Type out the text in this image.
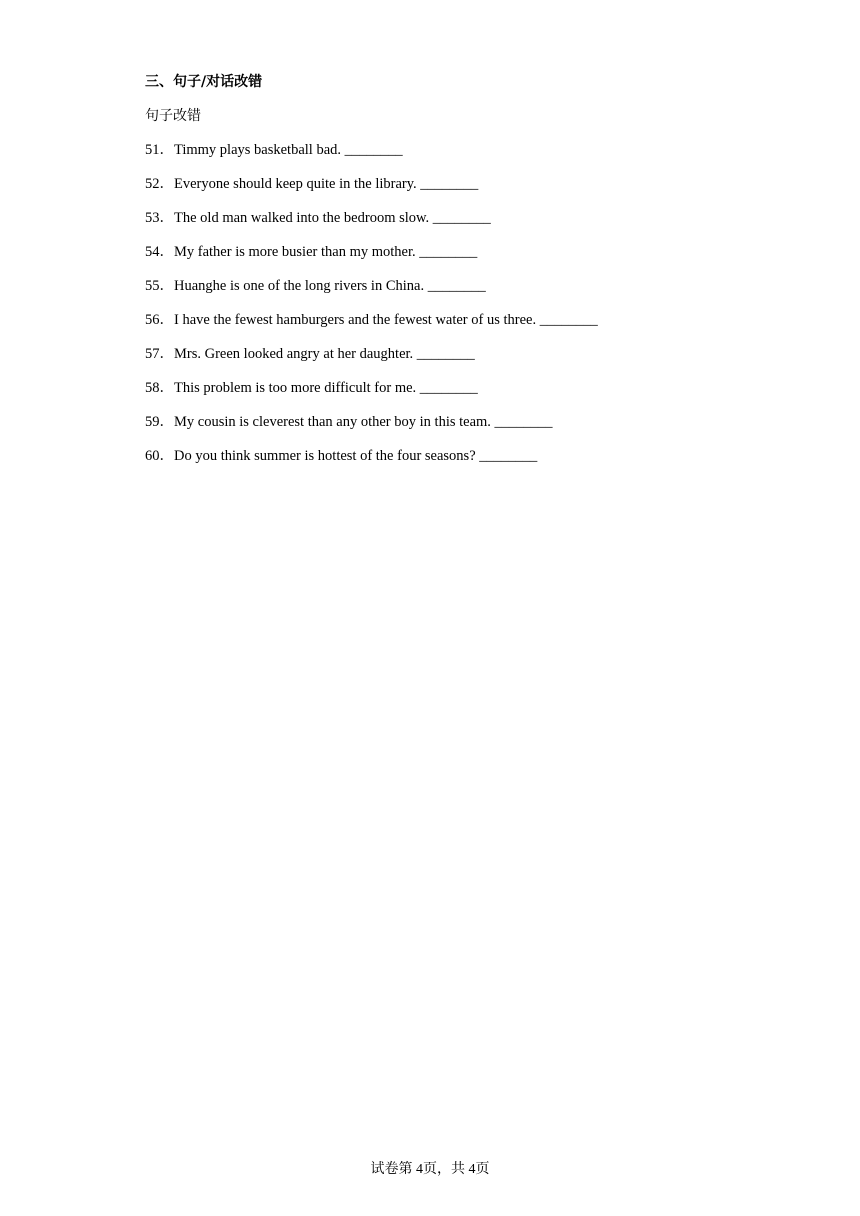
三、句子/对话改错
句子改错
51．Timmy plays basketball bad. ________
52．Everyone should keep quite in the library. ________
53．The old man walked into the bedroom slow. ________
54．My father is more busier than my mother. ________
55．Huanghe is one of the long rivers in China. ________
56．I have the fewest hamburgers and the fewest water of us three. ________
57．Mrs. Green looked angry at her daughter. ________
58．This problem is too more difficult for me. ________
59．My cousin is cleverest than any other boy in this team. ________
60．Do you think summer is hottest of the four seasons? ________
试卷第 4页，共 4页
